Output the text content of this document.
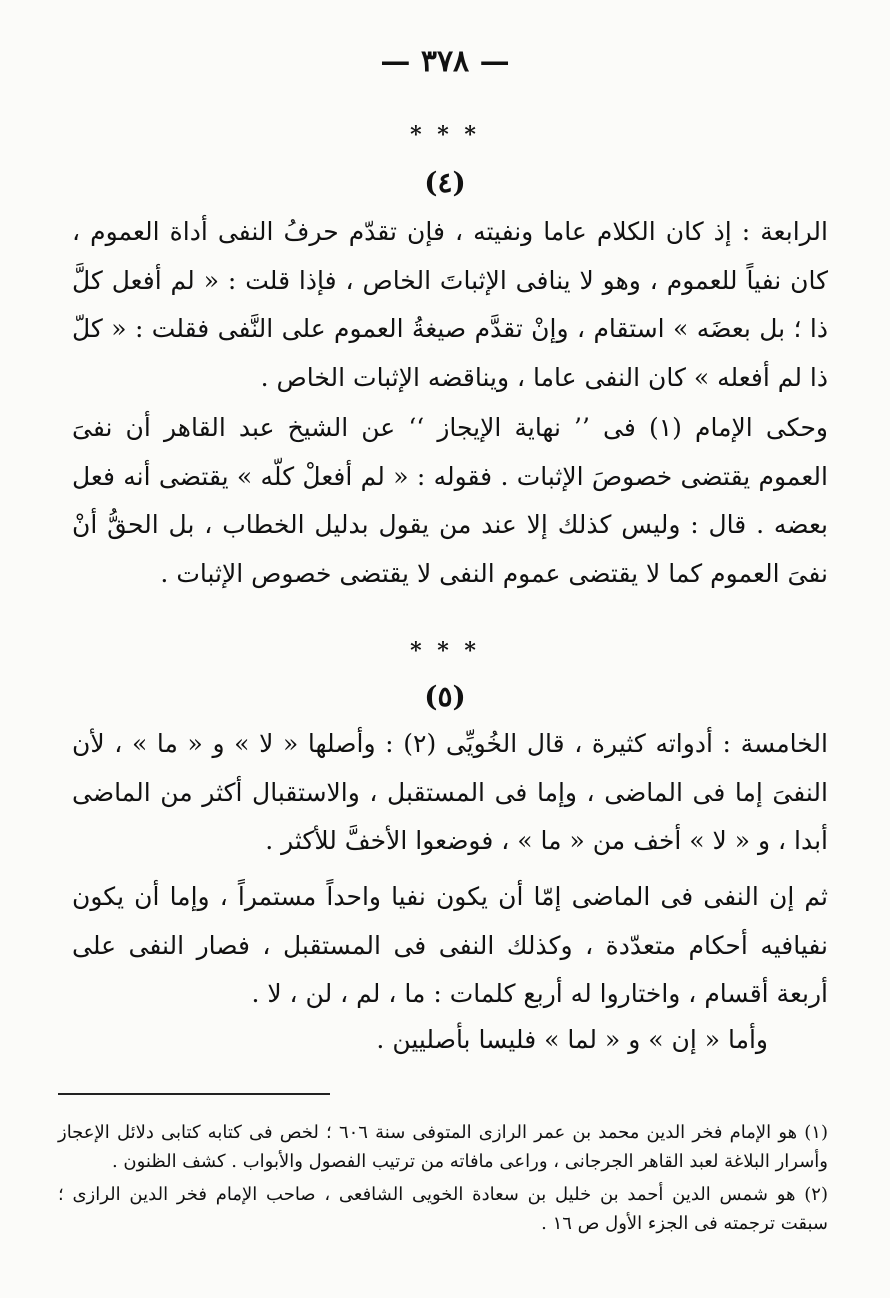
— ٣٧٨ —
* * *
(٤)

الرابعة : إذ كان الكلام عاما ونفيته ، فإن تقدّم حرفُ النفى أداة العموم ، كان نفياً للعموم ، وهو لا ينافى الإثباتَ الخاص ، فإذا قلت : « لم أفعل كلَّ ذا ؛ بل بعضَه » استقام ، وإنْ تقدَّم صيغةُ العموم على النَّفى فقلت : « كلّ ذا لم أفعله » كان النفى عاما ، ويناقضه الإثبات الخاص .

وحكى الإمام (١) فى ’’ نهاية الإيجاز ‘‘ عن الشيخ عبد القاهر أن نفىَ العموم يقتضى خصوصَ الإثبات . فقوله : « لم أفعلْ كلّه » يقتضى أنه فعل بعضه . قال : وليس كذلك إلا عند من يقول بدليل الخطاب ، بل الحقُّ أنْ نفىَ العموم كما لا يقتضى عموم النفى لا يقتضى خصوص الإثبات .

* * *
(٥)

الخامسة : أدواته كثيرة ، قال الخُويِّى (٢) : وأصلها « لا » و « ما » ، لأن النفىَ إما فى الماضى ، وإما فى المستقبل ، والاستقبال أكثر من الماضى أبدا ، و « لا » أخف من « ما » ، فوضعوا الأخفَّ للأكثر .

ثم إن النفى فى الماضى إمّا أن يكون نفيا واحداً مستمراً ، وإما أن يكون نفيافيه أحكام متعدّدة ، وكذلك النفى فى المستقبل ، فصار النفى على أربعة أقسام ، واختاروا له أربع كلمات : ما ، لم ، لن ، لا .

وأما « إن » و « لما » فليسا بأصليين .

(١) هو الإمام فخر الدين محمد بن عمر الرازى المتوفى سنة ٦٠٦ ؛ لخص فى كتابه كتابى دلائل الإعجاز وأسرار البلاغة لعبد القاهر الجرجانى ، وراعى مافاته من ترتيب الفصول والأبواب . كشف الظنون .

(٢) هو شمس الدين أحمد بن خليل بن سعادة الخويى الشافعى ، صاحب الإمام فخر الدين الرازى ؛ سبقت ترجمته فى الجزء الأول ص ١٦ .
